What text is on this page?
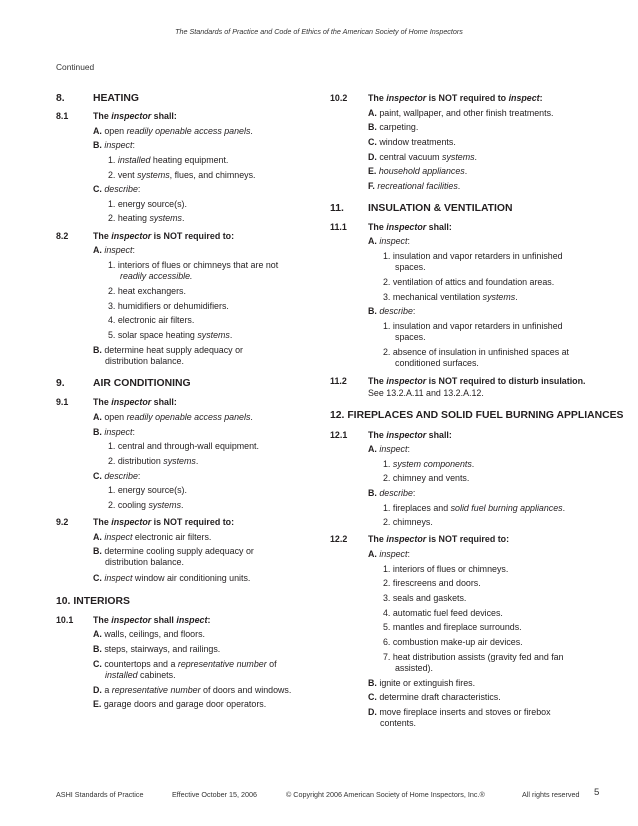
The Standards of Practice and Code of Ethics of the American Society of Home Inspectors
Continued
8.	HEATING
8.1	The inspector shall:
A. open readily openable access panels.
B. inspect:
1. installed heating equipment.
2. vent systems, flues, and chimneys.
C. describe:
1. energy source(s).
2. heating systems.
8.2	The inspector is NOT required to:
A. inspect:
1. interiors of flues or chimneys that are not
readily accessible.
2. heat exchangers.
3. humidifiers or dehumidifiers.
4. electronic air filters.
5. solar space heating systems.
B. determine heat supply adequacy or
distribution balance.
9.	AIR CONDITIONING
9.1	The inspector shall:
A. open readily openable access panels.
B. inspect:
1. central and through-wall equipment.
2. distribution systems.
C. describe:
1. energy source(s).
2. cooling systems.
9.2	The inspector is NOT required to:
A. inspect electronic air filters.
B. determine cooling supply adequacy or
distribution balance.
C. inspect window air conditioning units.
10. INTERIORS
10.1 The inspector shall inspect:
A. walls, ceilings, and floors.
B. steps, stairways, and railings.
C. countertops and a representative number of
installed cabinets.
D. a representative number of doors and windows.
E. garage doors and garage door operators.
10.2 The inspector is NOT required to inspect:
A. paint, wallpaper, and other finish treatments.
B. carpeting.
C. window treatments.
D. central vacuum systems.
E. household appliances.
F. recreational facilities.
11. INSULATION & VENTILATION
11.1 The inspector shall:
A. inspect:
1. insulation and vapor retarders in unfinished
spaces.
2. ventilation of attics and foundation areas.
3. mechanical ventilation systems.
B. describe:
1. insulation and vapor retarders in unfinished
spaces.
2. absence of insulation in unfinished spaces at
conditioned surfaces.
11.2 The inspector is NOT required to disturb insulation.
See 13.2.A.11 and 13.2.A.12.
12. FIREPLACES AND SOLID FUEL BURNING APPLIANCES
12.1 The inspector shall:
A. inspect:
1. system components.
2. chimney and vents.
B. describe:
1. fireplaces and solid fuel burning appliances.
2. chimneys.
12.2 The inspector is NOT required to:
A. inspect:
1. interiors of flues or chimneys.
2. firescreens and doors.
3. seals and gaskets.
4. automatic fuel feed devices.
5. mantles and fireplace surrounds.
6. combustion make-up air devices.
7. heat distribution assists (gravity fed and fan
assisted).
B. ignite or extinguish fires.
C. determine draft characteristics.
D. move fireplace inserts and stoves or firebox
contents.
ASHI Standards of Practice	Effective October 15, 2006	© Copyright 2006 American Society of Home Inspectors, Inc.®	All rights reserved 5
